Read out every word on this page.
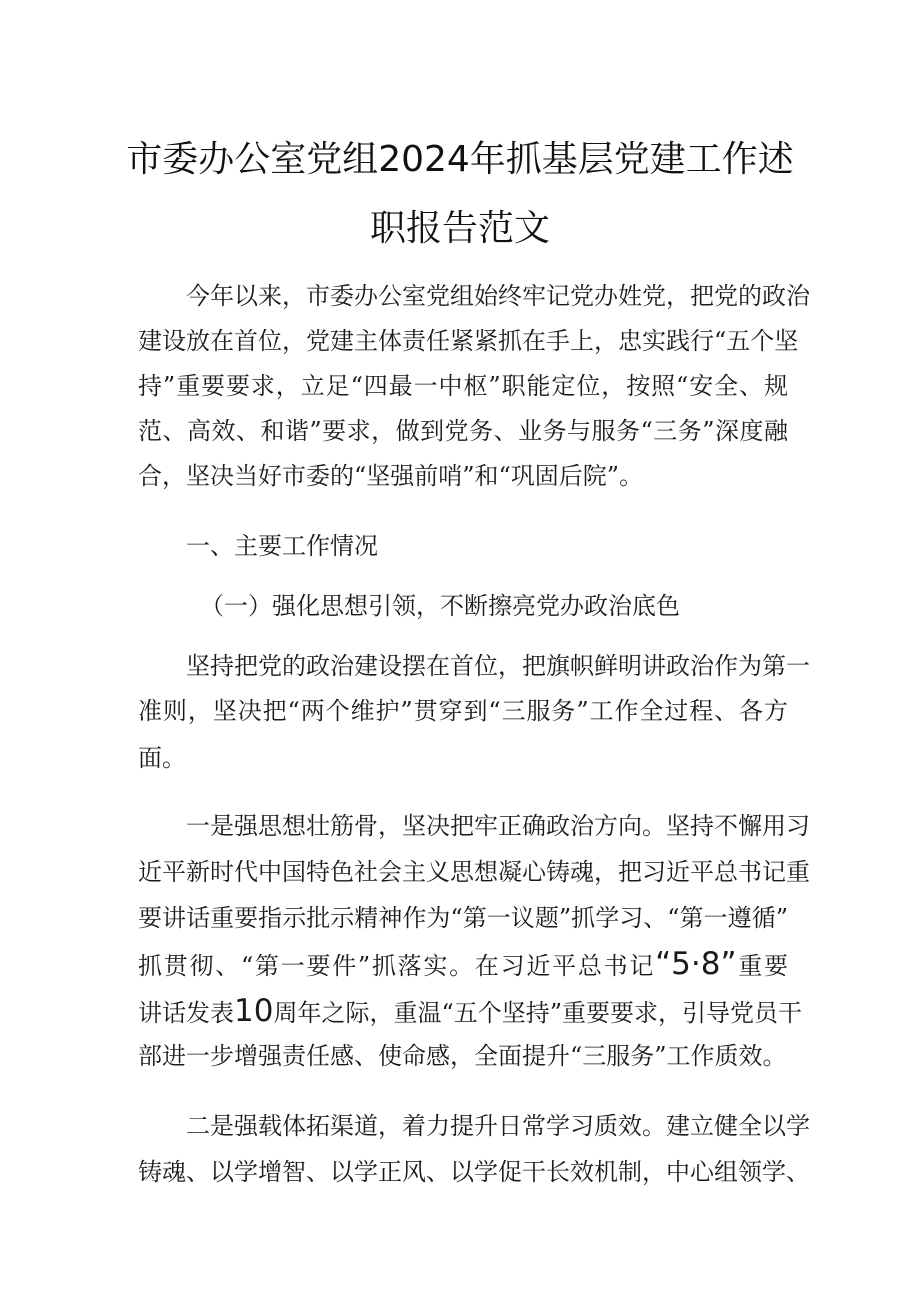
市委办公室党组2024年抓基层党建工作述
职报告范文
今年以来，市委办公室党组始终牢记党办姓党，把党的政治
建设放在首位，党建主体责任紧紧抓在手上，忠实践行“五个坚
持”重要要求，立足“四最一中枢”职能定位，按照“安全、规
范、高效、和谐”要求，做到党务、业务与服务“三务”深度融
合，坚决当好市委的“坚强前哨”和“巩固后院”。
一、主要工作情况
（一）强化思想引领，不断擦亮党办政治底色
坚持把党的政治建设摆在首位，把旗帜鲜明讲政治作为第一
准则，坚决把“两个维护”贯穿到“三服务”工作全过程、各方
面。
一是强思想壮筋骨，坚决把牢正确政治方向。坚持不懈用习
近平新时代中国特色社会主义思想凝心铸魂，把习近平总书记重
要讲话重要指示批示精神作为“第一议题”抓学习、“第一遵循”
抓贯彻、“第一要件”抓落实。在习近平总书记“5·8”重要
讲话发表10周年之际，重温“五个坚持”重要要求，引导党员干
部进一步增强责任感、使命感，全面提升“三服务”工作质效。
二是强载体拓渠道，着力提升日常学习质效。建立健全以学
铸魂、以学增智、以学正风、以学促干长效机制，中心组领学、
